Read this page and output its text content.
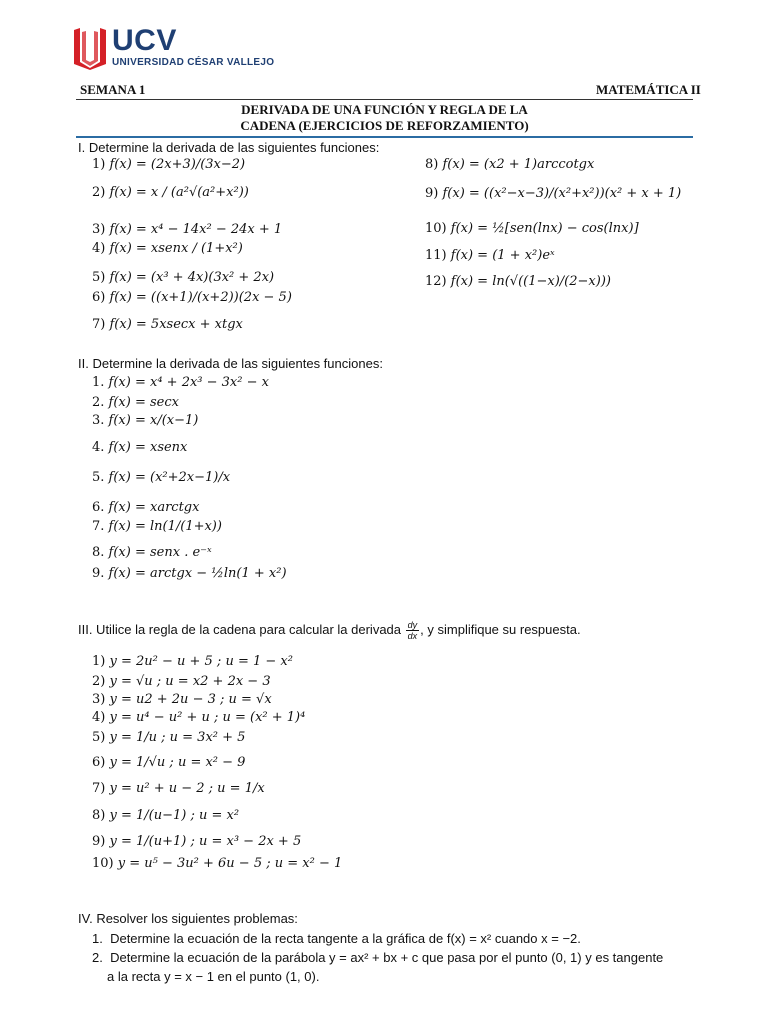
UCV
UNIVERSIDAD CÉSAR VALLEJO
SEMANA 1	MATEMÁTICA II
DERIVADA DE UNA FUNCIÓN Y REGLA DE LA
CADENA (EJERCICIOS DE REFORZAMIENTO)
I. Determine la derivada de las siguientes funciones:
1) f(x) = (2x+3)/(3x−2)
2) f(x) = x / (a²√(a²+x²))
3) f(x) = x⁴ − 14x² − 24x + 1
4) f(x) = xsenx / (1+x²)
5) f(x) = (x³ + 4x)(3x² + 2x)
6) f(x) = ((x+1)/(x+2))(2x − 5)
7) f(x) = 5xsecx + xtgx
8) f(x) = (x2 + 1)arccotgx
9) f(x) = ((x²−x−3)/(x²+x²))(x² + x + 1)
10) f(x) = ½[sen(lnx) − cos(lnx)]
11) f(x) = (1 + x²)eˣ
12) f(x) = ln(√((1−x)/(2−x)))
II. Determine la derivada de las siguientes funciones:
1. f(x) = x⁴ + 2x³ − 3x² − x
2. f(x) = secx
3. f(x) = x/(x−1)
4. f(x) = xsenx
5. f(x) = (x²+2x−1)/x
6. f(x) = xarctgx
7. f(x) = ln(1/(1+x))
8. f(x) = senx . e⁻ˣ
9. f(x) = arctgx − ½ln(1 + x²)
III. Utilice la regla de la cadena para calcular la derivada $\frac{dy}{dx}$ , y simplifique su respuesta.
1) y = 2u² − u + 5 ; u = 1 − x²
2) y = √u ; u = x2 + 2x − 3
3) y = u2 + 2u − 3 ; u = √x
4) y = u⁴ − u² + u ; u = (x² + 1)⁴
5) y = 1/u ; u = 3x² + 5
6) y = 1/√u ; u = x² − 9
7) y = u² + u − 2 ; u = 1/x
8) y = 1/(u−1) ; u = x²
9) y = 1/(u+1) ; u = x³ − 2x + 5
10) y = u⁵ − 3u² + 6u − 5 ; u = x² − 1
IV. Resolver los siguientes problemas:
1. Determine la ecuación de la recta tangente a la gráfica de f(x) = x² cuando x = −2.
2. Determine la ecuación de la parábola y = ax² + bx + c que pasa por el punto (0, 1) y es tangente
a la recta y = x − 1 en el punto (1, 0).
